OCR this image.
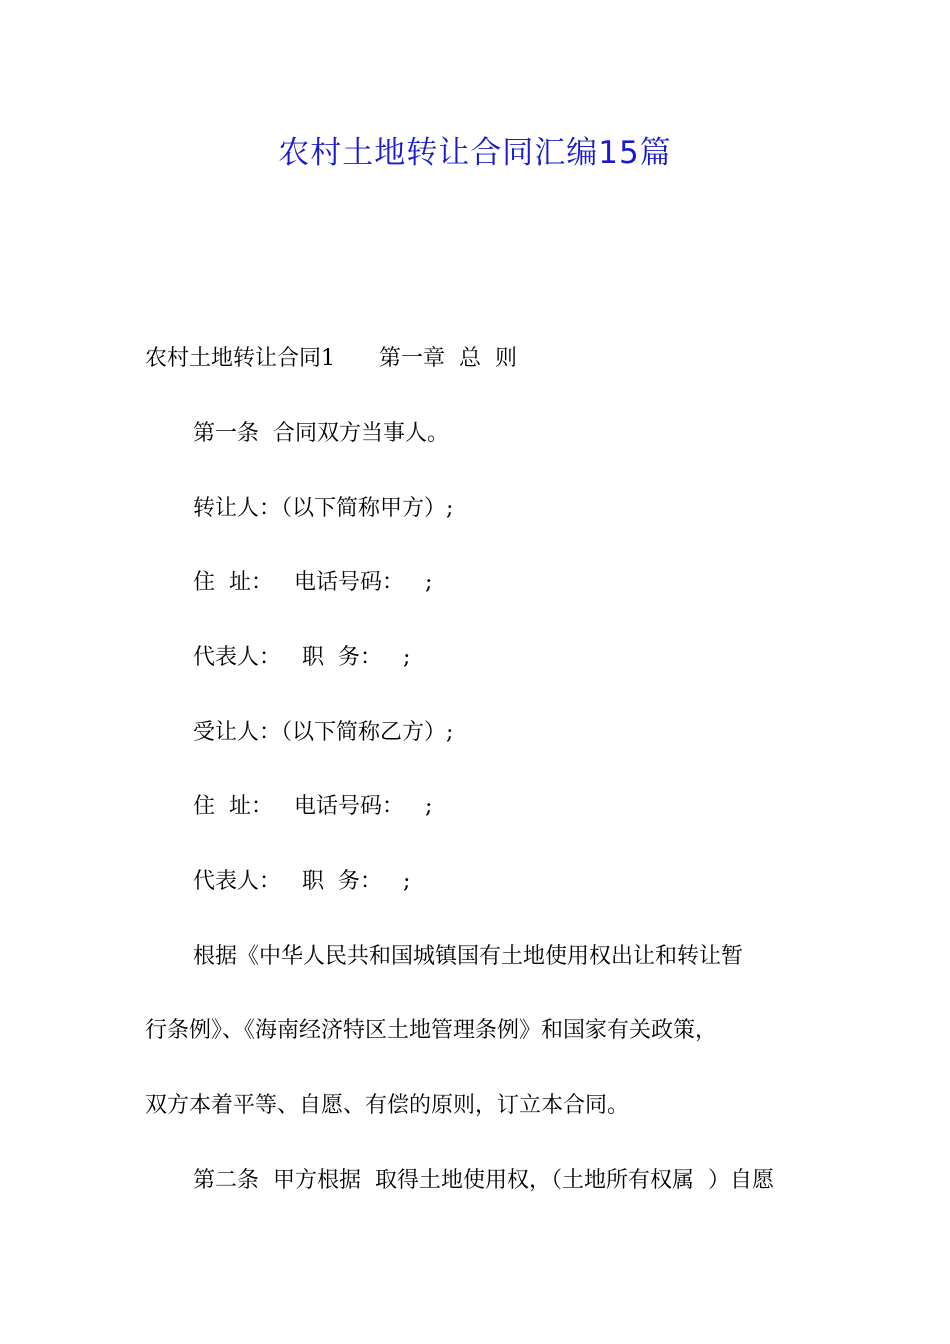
农村土地转让合同汇编15篇
农村土地转让合同1　　第一章  总  则
第一条  合同双方当事人。
转让人：（以下简称甲方）;
住  址：   电话号码：   ;
代表人：   职  务：   ;
受让人：（以下简称乙方）;
住  址：   电话号码：   ;
代表人：   职  务：   ;
根据《中华人民共和国城镇国有土地使用权出让和转让暂
行条例》、《海南经济特区土地管理条例》和国家有关政策，
双方本着平等、自愿、有偿的原则，订立本合同。
第二条  甲方根据  取得土地使用权，（土地所有权属  ）自愿
